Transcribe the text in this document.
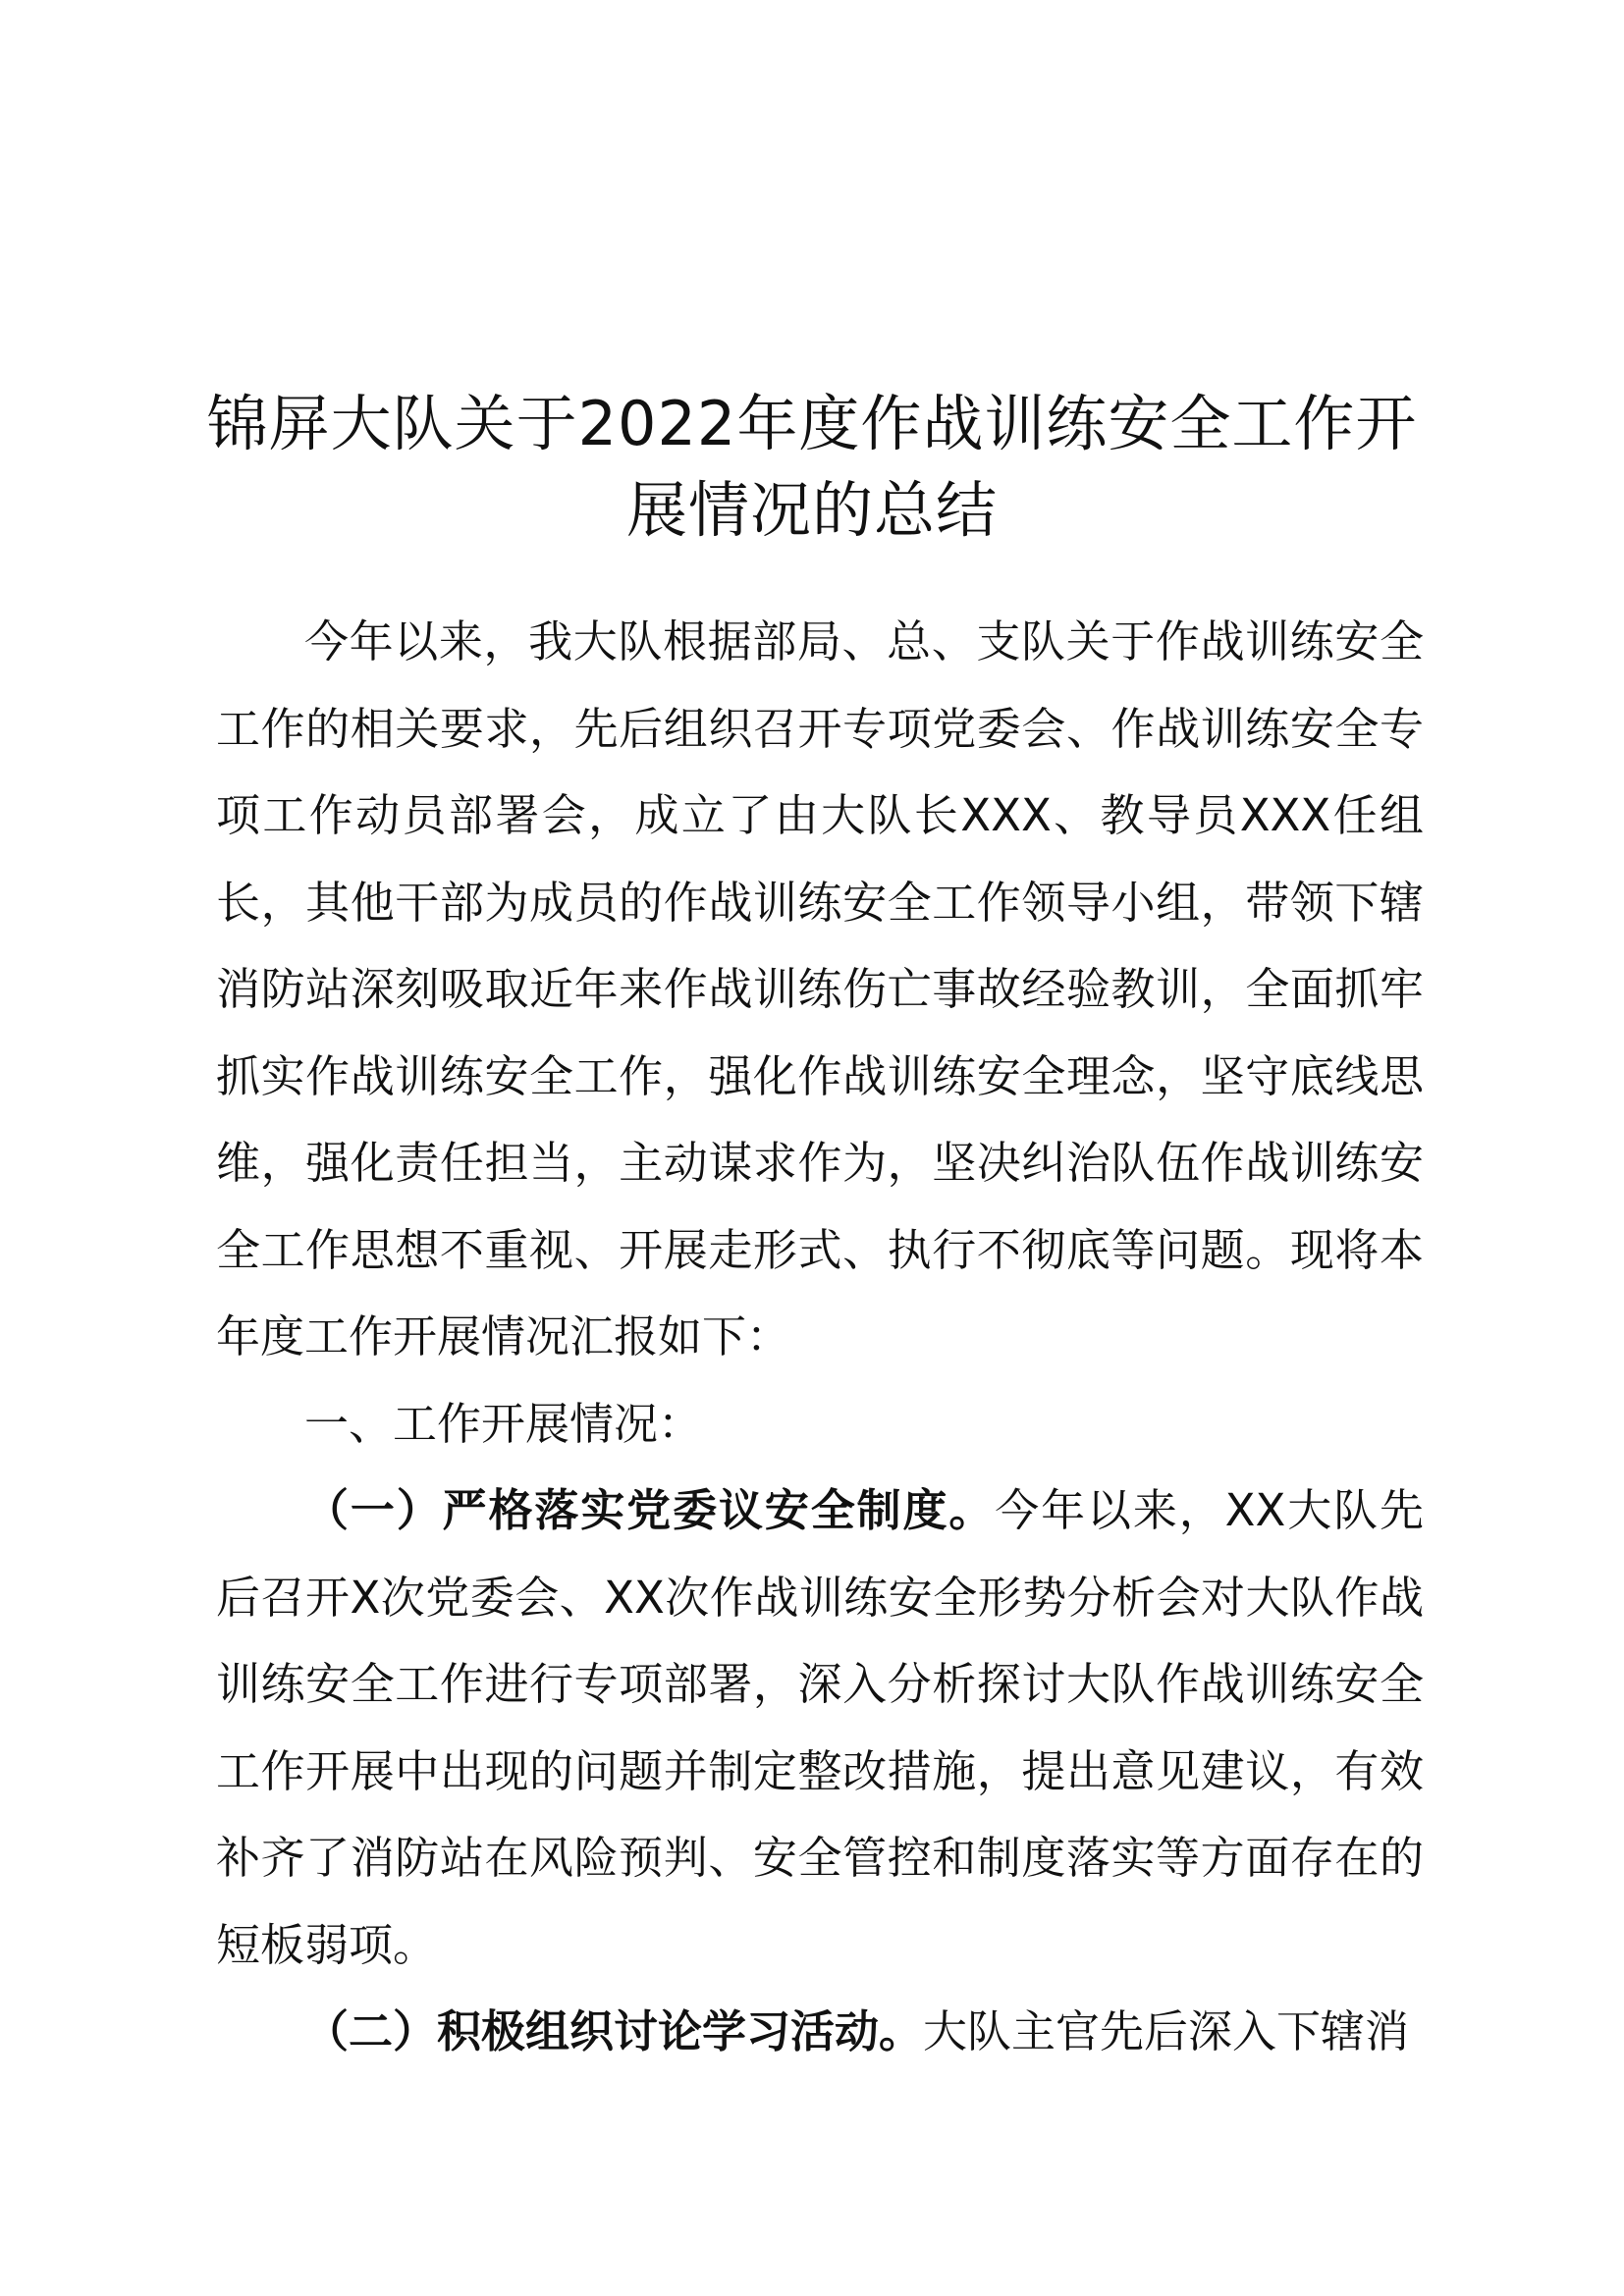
锦屏大队关于2022年度作战训练安全工作开
展情况的总结

今年以来，我大队根据部局、总、支队关于作战训练安全工作的相关要求，先后组织召开专项党委会、作战训练安全专项工作动员部署会，成立了由大队长XXX、教导员XXX任组长，其他干部为成员的作战训练安全工作领导小组，带领下辖消防站深刻吸取近年来作战训练伤亡事故经验教训，全面抓牢抓实作战训练安全工作，强化作战训练安全理念，坚守底线思维，强化责任担当，主动谋求作为，坚决纠治队伍作战训练安全工作思想不重视、开展走形式、执行不彻底等问题。现将本年度工作开展情况汇报如下：

一、工作开展情况：

（一）严格落实党委议安全制度。今年以来，XX大队先后召开X次党委会、XX次作战训练安全形势分析会对大队作战训练安全工作进行专项部署，深入分析探讨大队作战训练安全工作开展中出现的问题并制定整改措施，提出意见建议，有效补齐了消防站在风险预判、安全管控和制度落实等方面存在的短板弱项。

（二）积极组织讨论学习活动。大队主官先后深入下辖消
